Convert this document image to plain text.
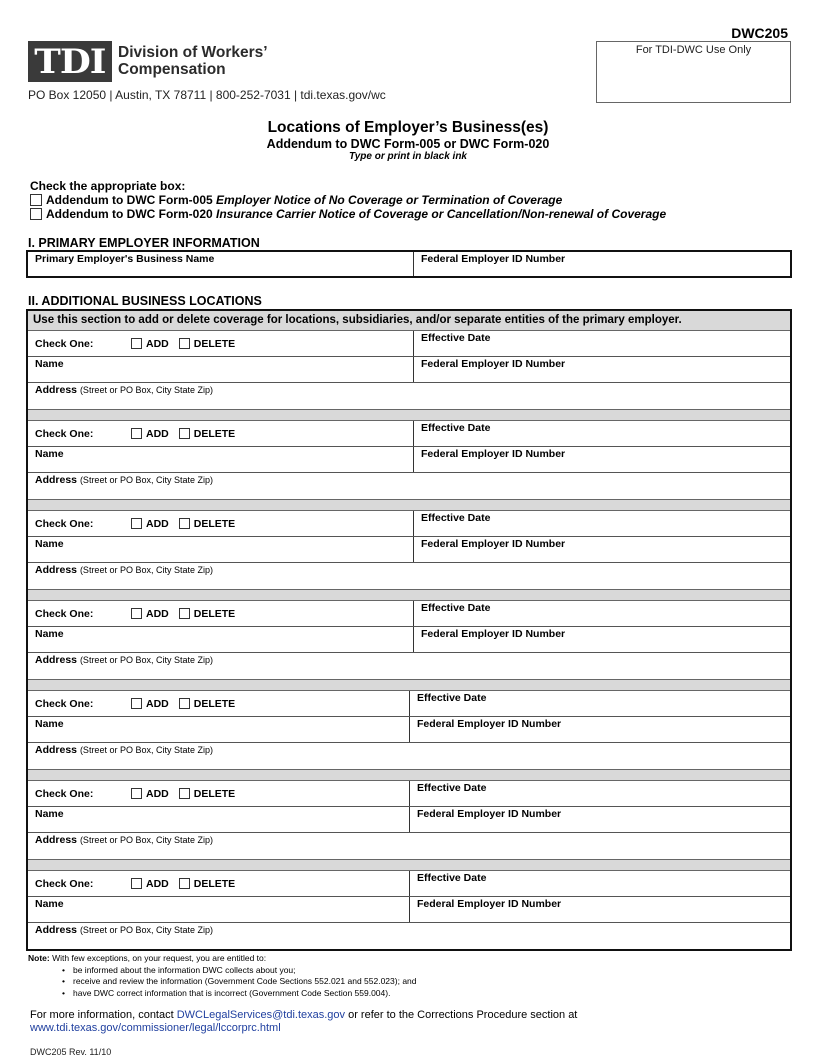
TDI Division of Workers’
Compensation
PO Box 12050 | Austin, TX 78711 | 800-252-7031 | tdi.texas.gov/wc
DWC205
For TDI-DWC Use Only
Locations of Employer’s Business(es)
Addendum to DWC Form-005 or DWC Form-020
Type or print in black ink
Check the appropriate box:
Addendum to DWC Form-005
Employer Notice of No Coverage or Termination of Coverage
Addendum to DWC Form-020
Insurance Carrier Notice of Coverage or Cancellation/Non-renewal of Coverage
I. PRIMARY EMPLOYER INFORMATION
Primary Employer's Business Name	Federal Employer ID Number
II. ADDITIONAL BUSINESS LOCATIONS
Use this section to add or delete coverage for locations, subsidiaries, and/or separate entities of the primary employer.
Check One:	ADD DELETE	Effective Date
Name	Federal Employer ID Number
Address (Street or PO Box, City State Zip)
Check One:	ADD DELETE	Effective Date
Name	Federal Employer ID Number
Address (Street or PO Box, City State Zip)
Check One:	ADD DELETE	Effective Date
Name	Federal Employer ID Number
Address (Street or PO Box, City State Zip)
Check One:	ADD DELETE	Effective Date
Name	Federal Employer ID Number
Address (Street or PO Box, City State Zip)
Check One:	ADD DELETE	Effective Date
Name	Federal Employer ID Number
Address (Street or PO Box, City State Zip)
Check One:	ADD DELETE	Effective Date
Name	Federal Employer ID Number
Address (Street or PO Box, City State Zip)
Check One:	ADD DELETE	Effective Date
Name	Federal Employer ID Number
Address (Street or PO Box, City State Zip)
Note: With few exceptions, on your request, you are entitled to:
• be informed about the information DWC collects about you;
• receive and review the information (Government Code Sections 552.021 and 552.023); and
• have DWC correct information that is incorrect (Government Code Section 559.004).
For more information, contact DWCLegalServices@tdi.texas.gov or refer to the Corrections Procedure section at
www.tdi.texas.gov/commissioner/legal/lccorprc.html
DWC205 Rev. 11/10
